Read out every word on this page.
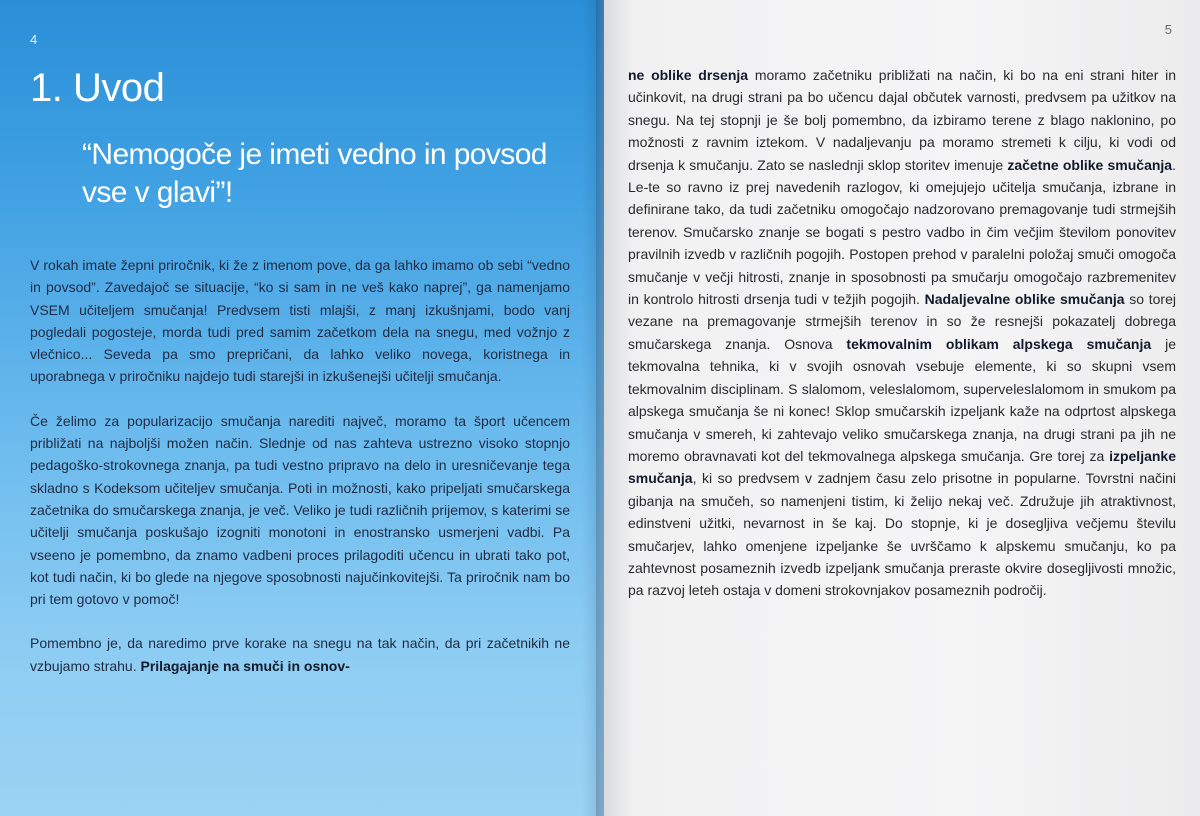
4
1. Uvod
“Nemogoče je imeti vedno in povsod vse v glavi”!

V rokah imate žepni priročnik, ki že z imenom pove, da ga lahko imamo ob sebi “vedno in povsod”. Zavedajoč se situacije, “ko si sam in ne veš kako naprej”, ga namenjamo VSEM učiteljem smučanja! Predvsem tisti mlajši, z manj izkušnjami, bodo vanj pogledali pogosteje, morda tudi pred samim začetkom dela na snegu, med vožnjo z vlečnico... Seveda pa smo prepričani, da lahko veliko novega, koristnega in uporabnega v priročniku najdejo tudi starejši in izkušenejši učitelji smučanja.

Če želimo za popularizacijo smučanja narediti največ, moramo ta šport učencem približati na najboljši možen način. Slednje od nas zahteva ustrezno visoko stopnjo pedagoško-strokovnega znanja, pa tudi vestno pripravo na delo in uresničevanje tega skladno s Kodeksom učiteljev smučanja. Poti in možnosti, kako pripeljati smučarskega začetnika do smučarskega znanja, je več. Veliko je tudi različnih prijemov, s katerimi se učitelji smučanja poskušajo izogniti monotoni in enostransko usmerjeni vadbi. Pa vseeno je pomembno, da znamo vadbeni proces prilagoditi učencu in ubrati tako pot, kot tudi način, ki bo glede na njegove sposobnosti najučinkovitejši. Ta priročnik nam bo pri tem gotovo v pomoč!

Pomembno je, da naredimo prve korake na snegu na tak način, da pri začetnikih ne vzbujamo strahu. Prilagajanje na smuči in osnov-

5

ne oblike drsenja moramo začetniku približati na način, ki bo na eni strani hiter in učinkovit, na drugi strani pa bo učencu dajal občutek varnosti, predvsem pa užitkov na snegu. Na tej stopnji je še bolj pomembno, da izbiramo terene z blago naklonino, po možnosti z ravnim iztekom. V nadaljevanju pa moramo stremeti k cilju, ki vodi od drsenja k smučanju. Zato se naslednji sklop storitev imenuje začetne oblike smučanja. Le-te so ravno iz prej navedenih razlogov, ki omejujejo učitelja smučanja, izbrane in definirane tako, da tudi začetniku omogočajo nadzorovano premagovanje tudi strmejših terenov. Smučarsko znanje se bogati s pestro vadbo in čim večjim številom ponovitev pravilnih izvedb v različnih pogojih. Postopen prehod v paralelni položaj smuči omogoča smučanje v večji hitrosti, znanje in sposobnosti pa smučarju omogočajo razbremenitev in kontrolo hitrosti drsenja tudi v težjih pogojih. Nadaljevalne oblike smučanja so torej vezane na premagovanje strmejših terenov in so že resnejši pokazatelj dobrega smučarskega znanja. Osnova tekmovalnim oblikam alpskega smučanja je tekmovalna tehnika, ki v svojih osnovah vsebuje elemente, ki so skupni vsem tekmovalnim disciplinam. S slalomom, veleslalomom, superveleslalomom in smukom pa alpskega smučanja še ni konec! Sklop smučarskih izpeljank kaže na odprtost alpskega smučanja v smereh, ki zahtevajo veliko smučarskega znanja, na drugi strani pa jih ne moremo obravnavati kot del tekmovalnega alpskega smučanja. Gre torej za izpeljanke smučanja, ki so predvsem v zadnjem času zelo prisotne in popularne. Tovrstni načini gibanja na smučeh, so namenjeni tistim, ki želijo nekaj več. Združuje jih atraktivnost, edinstveni užitki, nevarnost in še kaj. Do stopnje, ki je dosegljiva večjemu številu smučarjev, lahko omenjene izpeljanke še uvrščamo k alpskemu smučanju, ko pa zahtevnost posameznih izvedb izpeljank smučanja preraste okvire dosegljivosti množic, pa razvoj leteh ostaja v domeni strokovnjakov posameznih področij.
